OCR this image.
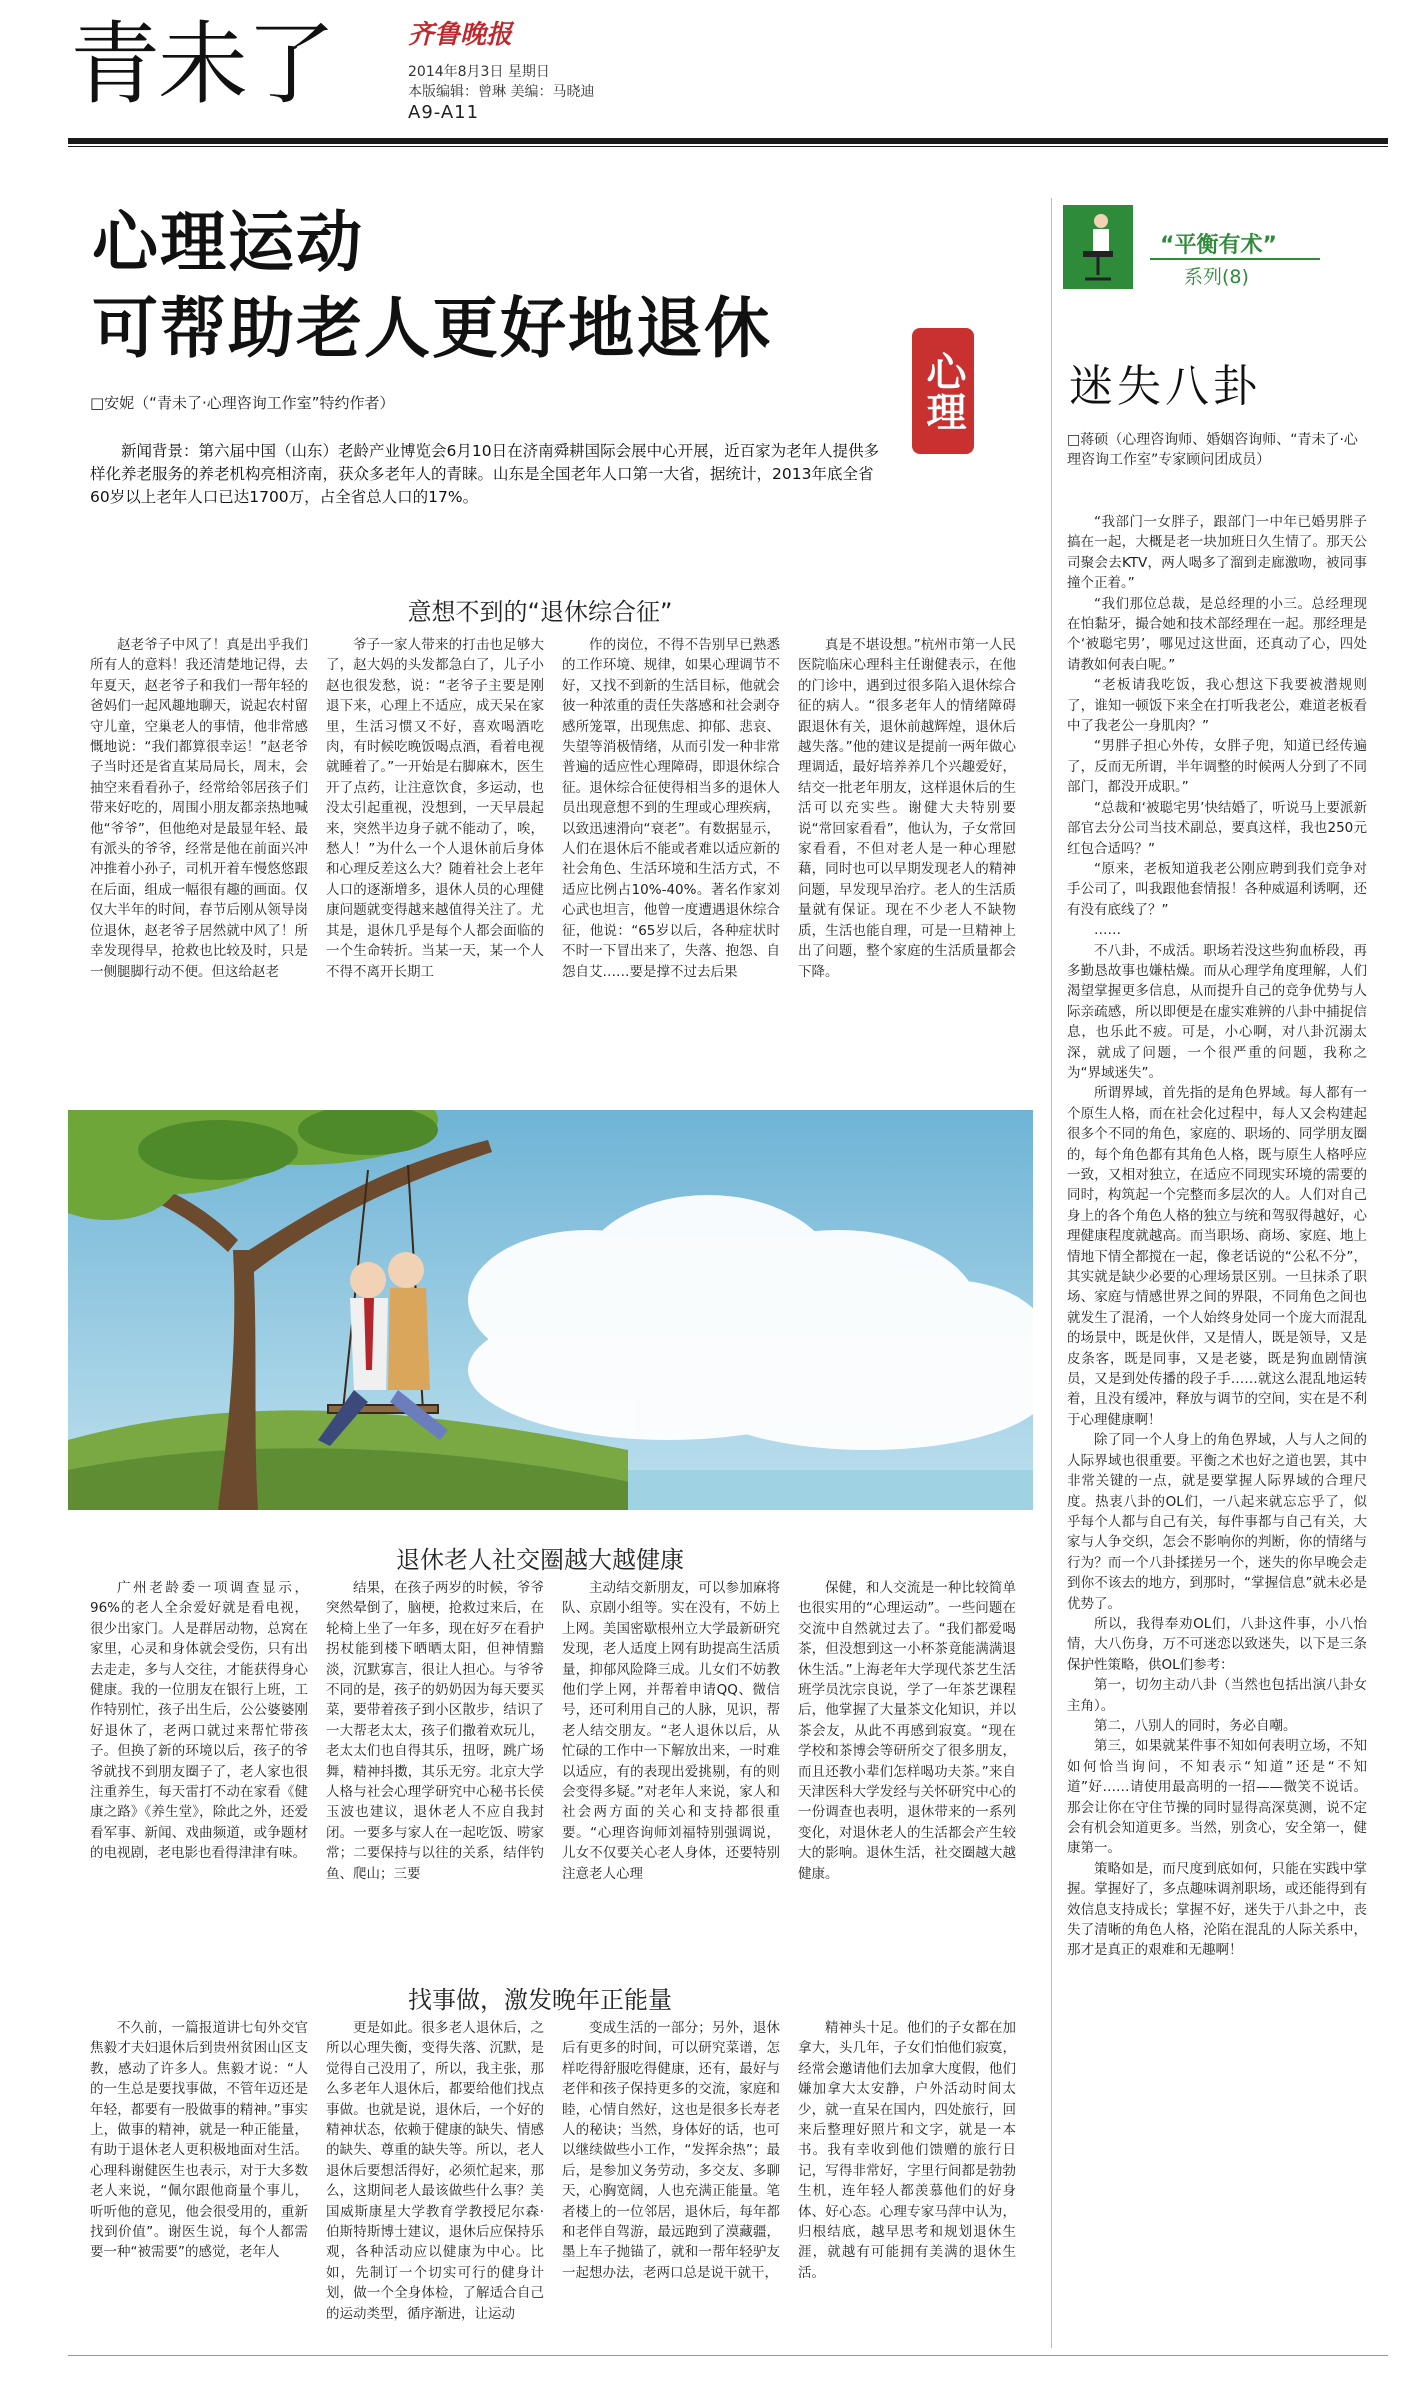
青未了	齐鲁晚报
2014年8月3日 星期日
本版编辑：曾琳 美编：马晓迪
A9-A11
心理运动
可帮助老人更好地退休
心理
□安妮（“青未了·心理咨询工作室”特约作者）
新闻背景：第六届中国（山东）老龄产业博览会6月10日在济南舜耕国际会展中心开展，近百家为老年人提供多样化养老服务的养老机构亮相济南，获众多老年人的青睐。山东是全国老年人口第一大省，据统计，2013年底全省60岁以上老年人口已达1700万，占全省总人口的17%。
意想不到的“退休综合征”
赵老爷子中风了！真是出乎我们所有人的意料！我还清楚地记得，去年夏天，赵老爷子和我们一帮年轻的爸妈们一起风趣地聊天，说起农村留守儿童，空巢老人的事情，他非常感慨地说：“我们都算很幸运！”赵老爷子当时还是省直某局局长，周末，会抽空来看看孙子，经常给邻居孩子们带来好吃的，周围小朋友都亲热地喊他“爷爷”，但他绝对是最显年轻、最有派头的爷爷，经常是他在前面兴冲冲推着小孙子，司机开着车慢悠悠跟在后面，组成一幅很有趣的画面。仅仅大半年的时间，春节后刚从领导岗位退休，赵老爷子居然就中风了！所幸发现得早，抢救也比较及时，只是一侧腿脚行动不便。但这给赵老
爷子一家人带来的打击也足够大了，赵大妈的头发都急白了，儿子小赵也很发愁，说：“老爷子主要是刚退下来，心理上不适应，成天呆在家里，生活习惯又不好，喜欢喝酒吃肉，有时候吃晚饭喝点酒，看着电视就睡着了。”一开始是右脚麻木，医生开了点药，让注意饮食，多运动，也没太引起重视，没想到，一天早晨起来，突然半边身子就不能动了，唉，愁人！”为什么一个人退休前后身体和心理反差这么大？随着社会上老年人口的逐渐增多，退休人员的心理健康问题就变得越来越值得关注了。尤其是，退休几乎是每个人都会面临的一个生命转折。当某一天，某一个人不得不离开长期工
作的岗位，不得不告别早已熟悉的工作环境、规律，如果心理调节不好，又找不到新的生活目标，他就会彼一种浓重的责任失落感和社会剥夺感所笼罩，出现焦虑、抑郁、悲哀、失望等消极情绪，从而引发一种非常普遍的适应性心理障碍，即退休综合征。退休综合征使得相当多的退休人员出现意想不到的生理或心理疾病，以致迅速滑向“衰老”。有数据显示，人们在退休后不能或者难以适应新的社会角色、生活环境和生活方式，不适应比例占10%-40%。著名作家刘心武也坦言，他曾一度遭遇退休综合征，他说：“65岁以后，各种症状时不时一下冒出来了，失落、抱怨、自怨自艾……要是撑不过去后果
真是不堪设想。”杭州市第一人民医院临床心理科主任谢健表示，在他的门诊中，遇到过很多陷入退休综合征的病人。“很多老年人的情绪障碍跟退休有关，退休前越辉煌，退休后越失落。”他的建议是提前一两年做心理调适，最好培养养几个兴趣爱好，结交一批老年朋友，这样退休后的生活可以充实些。谢健大夫特别要说“常回家看看”，他认为，子女常回家看看，不但对老人是一种心理慰藉，同时也可以早期发现老人的精神问题，早发现早治疗。老人的生活质量就有保证。现在不少老人不缺物质，生活也能自理，可是一旦精神上出了问题，整个家庭的生活质量都会下降。
退休老人社交圈越大越健康
广州老龄委一项调查显示，96%的老人全余爱好就是看电视，很少出家门。人是群居动物，总窝在家里，心灵和身体就会受伤，只有出去走走，多与人交往，才能获得身心健康。我的一位朋友在银行上班，工作特别忙，孩子出生后，公公婆婆刚好退休了，老两口就过来帮忙带孩子。但换了新的环境以后，孩子的爷爷就找不到朋友圈子了，老人家也很注重养生，每天雷打不动在家看《健康之路》《养生堂》，除此之外，还爱看军事、新闻、戏曲频道，或争题材的电视剧，老电影也看得津津有味。
结果，在孩子两岁的时候，爷爷突然晕倒了，脑梗，抢救过来后，在轮椅上坐了一年多，现在好歹在看护拐杖能到楼下晒晒太阳，但神情黯淡，沉默寡言，很让人担心。与爷爷不同的是，孩子的奶奶因为每天要买菜，要带着孩子到小区散步，结识了一大帮老太太，孩子们撒着欢玩儿，老太太们也自得其乐，扭呀，跳广场舞，精神抖擞，其乐无穷。北京大学人格与社会心理学研究中心秘书长侯玉波也建议，退休老人不应自我封闭。一要多与家人在一起吃饭、唠家常；二要保持与以往的关系，结伴钓鱼、爬山；三要
主动结交新朋友，可以参加麻将队、京剧小组等。实在没有，不妨上上网。美国密歇根州立大学最新研究发现，老人适度上网有助提高生活质量，抑郁风险降三成。儿女们不妨教他们学上网，并帮着申请QQ、微信号，还可利用自己的人脉，见识，帮老人结交朋友。“老人退休以后，从忙碌的工作中一下解放出来，一时难以适应，有的表现出爱挑剔，有的则会变得多疑。”对老年人来说，家人和社会两方面的关心和支持都很重要。“心理咨询师刘福特别强调说，儿女不仅要关心老人身体，还要特别注意老人心理
保健，和人交流是一种比较简单也很实用的“心理运动”。一些问题在交流中自然就过去了。“我们都爱喝茶，但没想到这一小杯茶竟能满满退休生活。”上海老年大学现代茶艺生活班学员沈宗良说，学了一年茶艺课程后，他掌握了大量茶文化知识，并以茶会友，从此不再感到寂寞。“现在学校和茶博会等研所交了很多朋友，而且还教小辈们怎样喝功夫茶。”来自天津医科大学发经与关怀研究中心的一份调查也表明，退休带来的一系列变化，对退休老人的生活都会产生较大的影响。退休生活，社交圈越大越健康。
找事做，激发晚年正能量
不久前，一篇报道讲七旬外交官焦毅才夫妇退休后到贵州贫困山区支教，感动了许多人。焦毅才说：“人的一生总是要找事做，不管年迈还是年轻，都要有一股做事的精神。”事实上，做事的精神，就是一种正能量，有助于退休老人更积极地面对生活。心理科谢健医生也表示，对于大多数老人来说，“佩尔跟他商量个事儿，听听他的意见，他会很受用的，重新找到价值”。谢医生说，每个人都需要一种“被需要”的感觉，老年人
更是如此。很多老人退休后，之所以心理失衡，变得失落、沉默，是觉得自己没用了，所以，我主张，那么多老年人退休后，都要给他们找点事做。也就是说，退休后，一个好的精神状态，依赖于健康的缺失、情感的缺失、尊重的缺失等。所以，老人退休后要想活得好，必须忙起来，那么，这期间老人最该做些什么事？美国威斯康星大学教育学教授尼尔森·伯斯特斯博士建议，退休后应保持乐观，各种活动应以健康为中心。比如，先制订一个切实可行的健身计划，做一个全身体检，了解适合自己的运动类型，循序渐进，让运动
变成生活的一部分；另外，退休后有更多的时间，可以研究菜谱，怎样吃得舒服吃得健康，还有，最好与老伴和孩子保持更多的交流，家庭和睦，心情自然好，这也是很多长寿老人的秘诀；当然，身体好的话，也可以继续做些小工作，“发挥余热”；最后，是参加义务劳动，多交友、多聊天，心胸宽阔，人也充满正能量。笔者楼上的一位邻居，退休后，每年都和老伴自驾游，最远跑到了漠藏疆，墨上车子抛锚了，就和一帮年轻驴友一起想办法，老两口总是说干就干，
精神头十足。他们的子女都在加拿大，头几年，子女们怕他们寂寞，经常会邀请他们去加拿大度假，他们嫌加拿大太安静，户外活动时间太少，就一直呆在国内，四处旅行，回来后整理好照片和文字，就是一本书。我有幸收到他们馈赠的旅行日记，写得非常好，字里行间都是勃勃生机，连年轻人都羡慕他们的好身体、好心态。心理专家马萍中认为，归根结底，越早思考和规划退休生涯，就越有可能拥有美满的退休生活。
“平衡有术”
系列(8)
迷失八卦
□蒋硕（心理咨询师、婚姻咨询师、“青未了·心理咨询工作室”专家顾问团成员）

“我部门一女胖子，跟部门一中年已婚男胖子搞在一起，大概是老一块加班日久生情了。那天公司聚会去KTV，两人喝多了溜到走廊激吻，被同事撞个正着。”

“我们那位总裁，是总经理的小三。总经理现在怕黏牙，撮合她和技术部经理在一起。那经理是个‘被聪宅男’，哪见过这世面，还真动了心，四处请教如何表白呢。”

“老板请我吃饭，我心想这下我要被潜规则了，谁知一顿饭下来全在打听我老公，难道老板看中了我老公一身肌肉？”

“男胖子担心外传，女胖子兜，知道已经传遍了，反而无所谓，半年调整的时候两人分到了不同部门，都没开成职。”

“总裁和‘被聪宅男’快结婚了，听说马上要派新部官去分公司当技术副总，要真这样，我也250元红包合适吗？”

“原来，老板知道我老公刚应聘到我们竞争对手公司了，叫我跟他套情报！各种威逼利诱啊，还有没有底线了？”

……

不八卦，不成活。职场若没这些狗血桥段，再多勤恳故事也嫌枯燥。而从心理学角度理解，人们渴望掌握更多信息，从而提升自己的竞争优势与人际亲疏感，所以即便是在虚实难辨的八卦中捕捉信息，也乐此不疲。可是，小心啊，对八卦沉溺太深，就成了问题，一个很严重的问题，我称之为“界域迷失”。

所谓界域，首先指的是角色界域。每人都有一个原生人格，而在社会化过程中，每人又会构建起很多个不同的角色，家庭的、职场的、同学朋友圈的，每个角色都有其角色人格，既与原生人格呼应一致，又相对独立，在适应不同现实环境的需要的同时，构筑起一个完整而多层次的人。人们对自己身上的各个角色人格的独立与统和驾驭得越好，心理健康程度就越高。而当职场、商场、家庭、地上情地下情全都搅在一起，像老话说的“公私不分”，其实就是缺少必要的心理场景区别。一旦抹杀了职场、家庭与情感世界之间的界限，不同角色之间也就发生了混淆，一个人始终身处同一个庞大而混乱的场景中，既是伙伴，又是情人，既是领导，又是皮条客，既是同事，又是老婆，既是狗血剧情演员，又是到处传播的段子手……就这么混乱地运转着，且没有缓冲，释放与调节的空间，实在是不利于心理健康啊！

除了同一个人身上的角色界域，人与人之间的人际界域也很重要。平衡之术也好之道也罢，其中非常关键的一点，就是要掌握人际界域的合理尺度。热衷八卦的OL们，一八起来就忘忘乎了，似乎每个人都与自己有关，每件事都与自己有关，大家与人争交织，怎会不影响你的判断，你的情绪与行为？而一个八卦揉搓另一个，迷失的你早晚会走到你不该去的地方，到那时，“掌握信息”就未必是优势了。

所以，我得奉劝OL们，八卦这件事，小八怡情，大八伤身，万不可迷恋以致迷失，以下是三条保护性策略，供OL们参考：

第一，切勿主动八卦（当然也包括出演八卦女主角）。

第二，八别人的同时，务必自嘲。

第三，如果就某件事不知如何表明立场，不知如何恰当询问，不知表示“知道”还是“不知道”好……请使用最高明的一招——微笑不说话。那会让你在守住节操的同时显得高深莫测，说不定会有机会知道更多。当然，别贪心，安全第一，健康第一。

策略如是，而尺度到底如何，只能在实践中掌握。掌握好了，多点趣味调剂职场，或还能得到有效信息支持成长；掌握不好，迷失于八卦之中，丧失了清晰的角色人格，沦陷在混乱的人际关系中，那才是真正的艰难和无趣啊！
